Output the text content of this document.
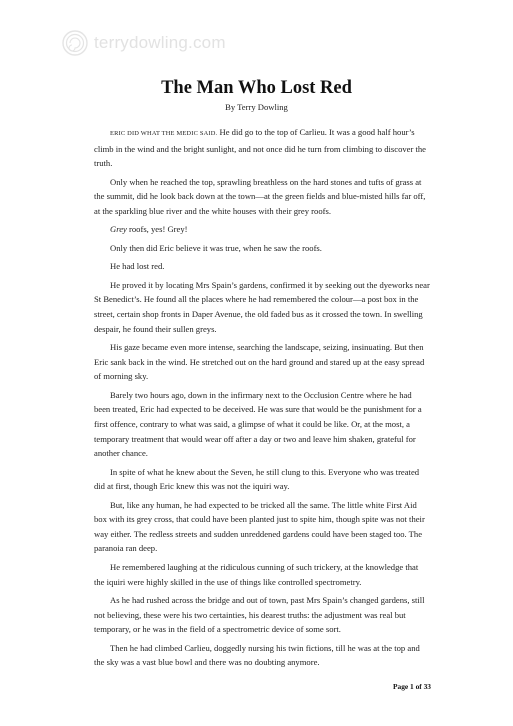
terrydowling.com
The Man Who Lost Red
By Terry Dowling

ERIC DID WHAT THE MEDIC SAID. He did go to the top of Carlieu. It was a good half hour’s climb in the wind and the bright sunlight, and not once did he turn from climbing to discover the truth.

Only when he reached the top, sprawling breathless on the hard stones and tufts of grass at the summit, did he look back down at the town—at the green fields and blue-misted hills far off, at the sparkling blue river and the white houses with their grey roofs.

Grey roofs, yes! Grey!

Only then did Eric believe it was true, when he saw the roofs.

He had lost red.

He proved it by locating Mrs Spain’s gardens, confirmed it by seeking out the dyeworks near St Benedict’s. He found all the places where he had remembered the colour—a post box in the street, certain shop fronts in Daper Avenue, the old faded bus as it crossed the town. In swelling despair, he found their sullen greys.

His gaze became even more intense, searching the landscape, seizing, insinuating. But then Eric sank back in the wind. He stretched out on the hard ground and stared up at the easy spread of morning sky.

Barely two hours ago, down in the infirmary next to the Occlusion Centre where he had been treated, Eric had expected to be deceived. He was sure that would be the punishment for a first offence, contrary to what was said, a glimpse of what it could be like. Or, at the most, a temporary treatment that would wear off after a day or two and leave him shaken, grateful for another chance.

In spite of what he knew about the Seven, he still clung to this. Everyone who was treated did at first, though Eric knew this was not the iquiri way.

But, like any human, he had expected to be tricked all the same. The little white First Aid box with its grey cross, that could have been planted just to spite him, though spite was not their way either. The redless streets and sudden unreddened gardens could have been staged too. The paranoia ran deep.

He remembered laughing at the ridiculous cunning of such trickery, at the knowledge that the iquiri were highly skilled in the use of things like controlled spectrometry.

As he had rushed across the bridge and out of town, past Mrs Spain’s changed gardens, still not believing, these were his two certainties, his dearest truths: the adjustment was real but temporary, or he was in the field of a spectrometric device of some sort.

Then he had climbed Carlieu, doggedly nursing his twin fictions, till he was at the top and the sky was a vast blue bowl and there was no doubting anymore.

Page 1 of 33
